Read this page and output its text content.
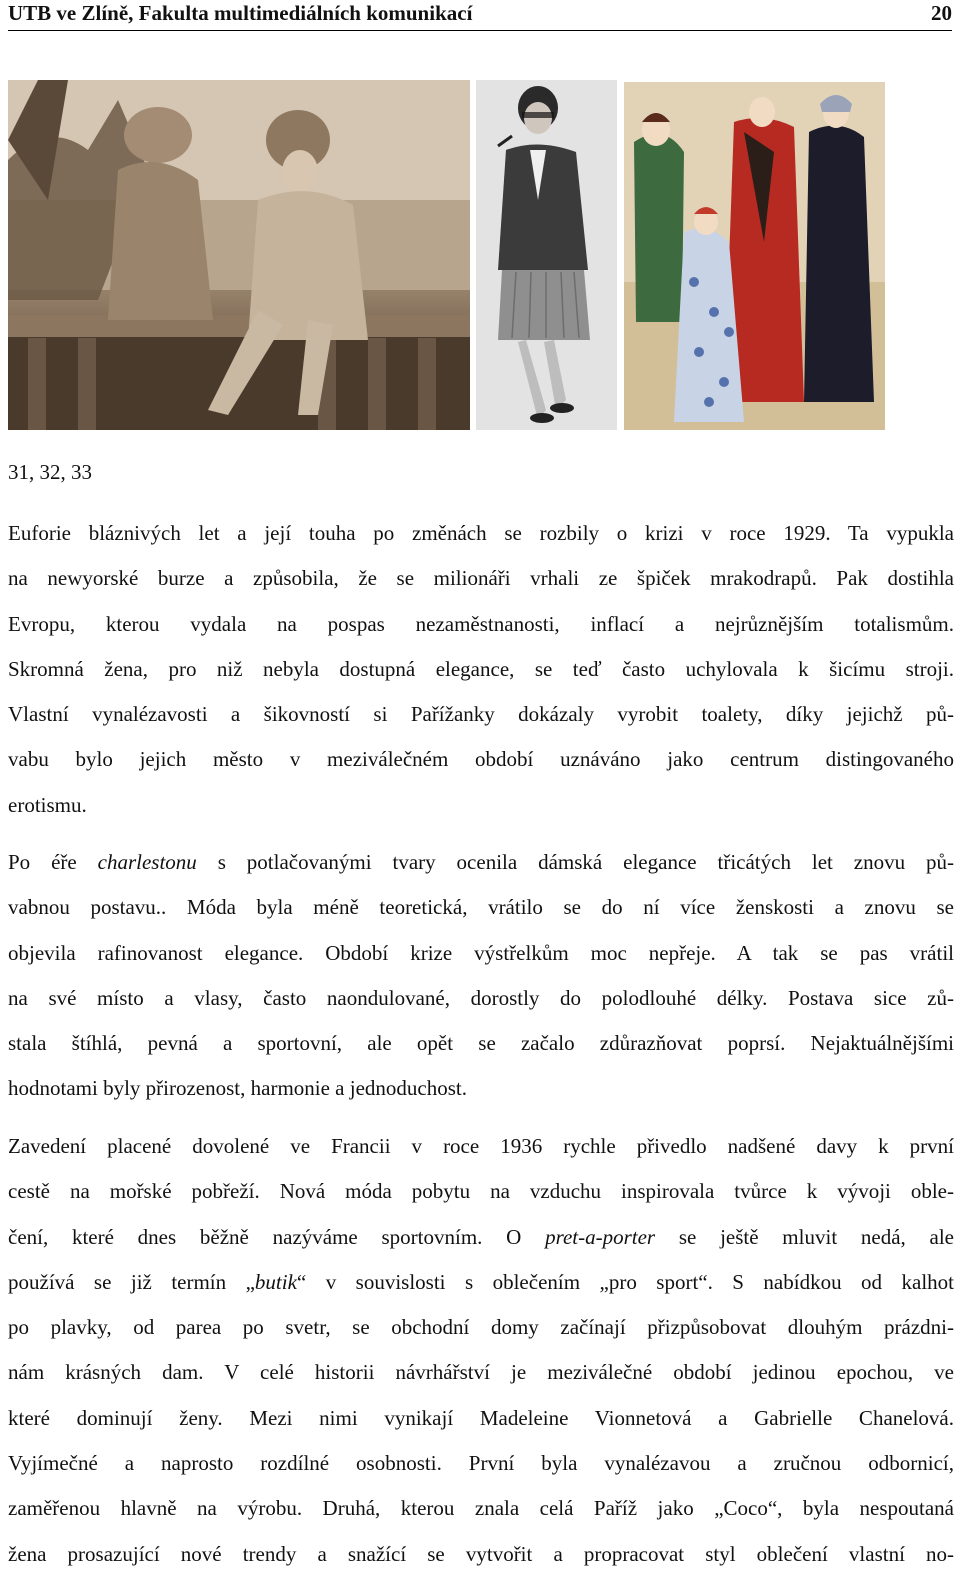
UTB ve Zlíně, Fakulta multimediálních komunikací	20
31, 32, 33
Euforie bláznivých let a její touha po změnách se rozbily o krizi v roce 1929. Ta vypukla
na newyorské burze a způsobila, že se milionáři vrhali ze špiček mrakodrapů. Pak dostihla
Evropu, kterou vydala na pospas nezaměstnanosti, inflací a nejrůznějším totalismům.
Skromná žena, pro niž nebyla dostupná elegance, se teď často uchylovala k šicímu stroji.
Vlastní vynalézavosti a šikovností si Pařížanky dokázaly vyrobit toalety, díky jejichž pů-
vabu bylo jejich město v meziválečném období uznáváno jako centrum distingovaného
erotismu.
Po éře charlestonu s potlačovanými tvary ocenila dámská elegance třicátých let znovu pů-
vabnou postavu.. Móda byla méně teoretická, vrátilo se do ní více ženskosti a znovu se
objevila rafinovanost elegance. Období krize výstřelkům moc nepřeje. A tak se pas vrátil
na své místo a vlasy, často naondulované, dorostly do polodlouhé délky. Postava sice zů-
stala štíhlá, pevná a sportovní, ale opět se začalo zdůrazňovat poprsí. Nejaktuálnějšími
hodnotami byly přirozenost, harmonie a jednoduchost.
Zavedení placené dovolené ve Francii v roce 1936 rychle přivedlo nadšené davy k první
cestě na mořské pobřeží. Nová móda pobytu na vzduchu inspirovala tvůrce k vývoji oble-
čení, které dnes běžně nazýváme sportovním. O pret-a-porter se ještě mluvit nedá, ale
používá se již termín „butik“ v souvislosti s oblečením „pro sport“. S nabídkou od kalhot
po plavky, od parea po svetr, se obchodní domy začínají přizpůsobovat dlouhým prázdni-
nám krásných dam. V celé historii návrhářství je meziválečné období jedinou epochou, ve
které dominují ženy. Mezi nimi vynikají Madeleine Vionnetová a Gabrielle Chanelová.
Vyjímečné a naprosto rozdílné osobnosti. První byla vynalézavou a zručnou odbornicí,
zaměřenou hlavně na výrobu. Druhá, kterou znala celá Paříž jako „Coco“, byla nespoutaná
žena prosazující nové trendy a snažící se vytvořit a propracovat styl oblečení vlastní no-
